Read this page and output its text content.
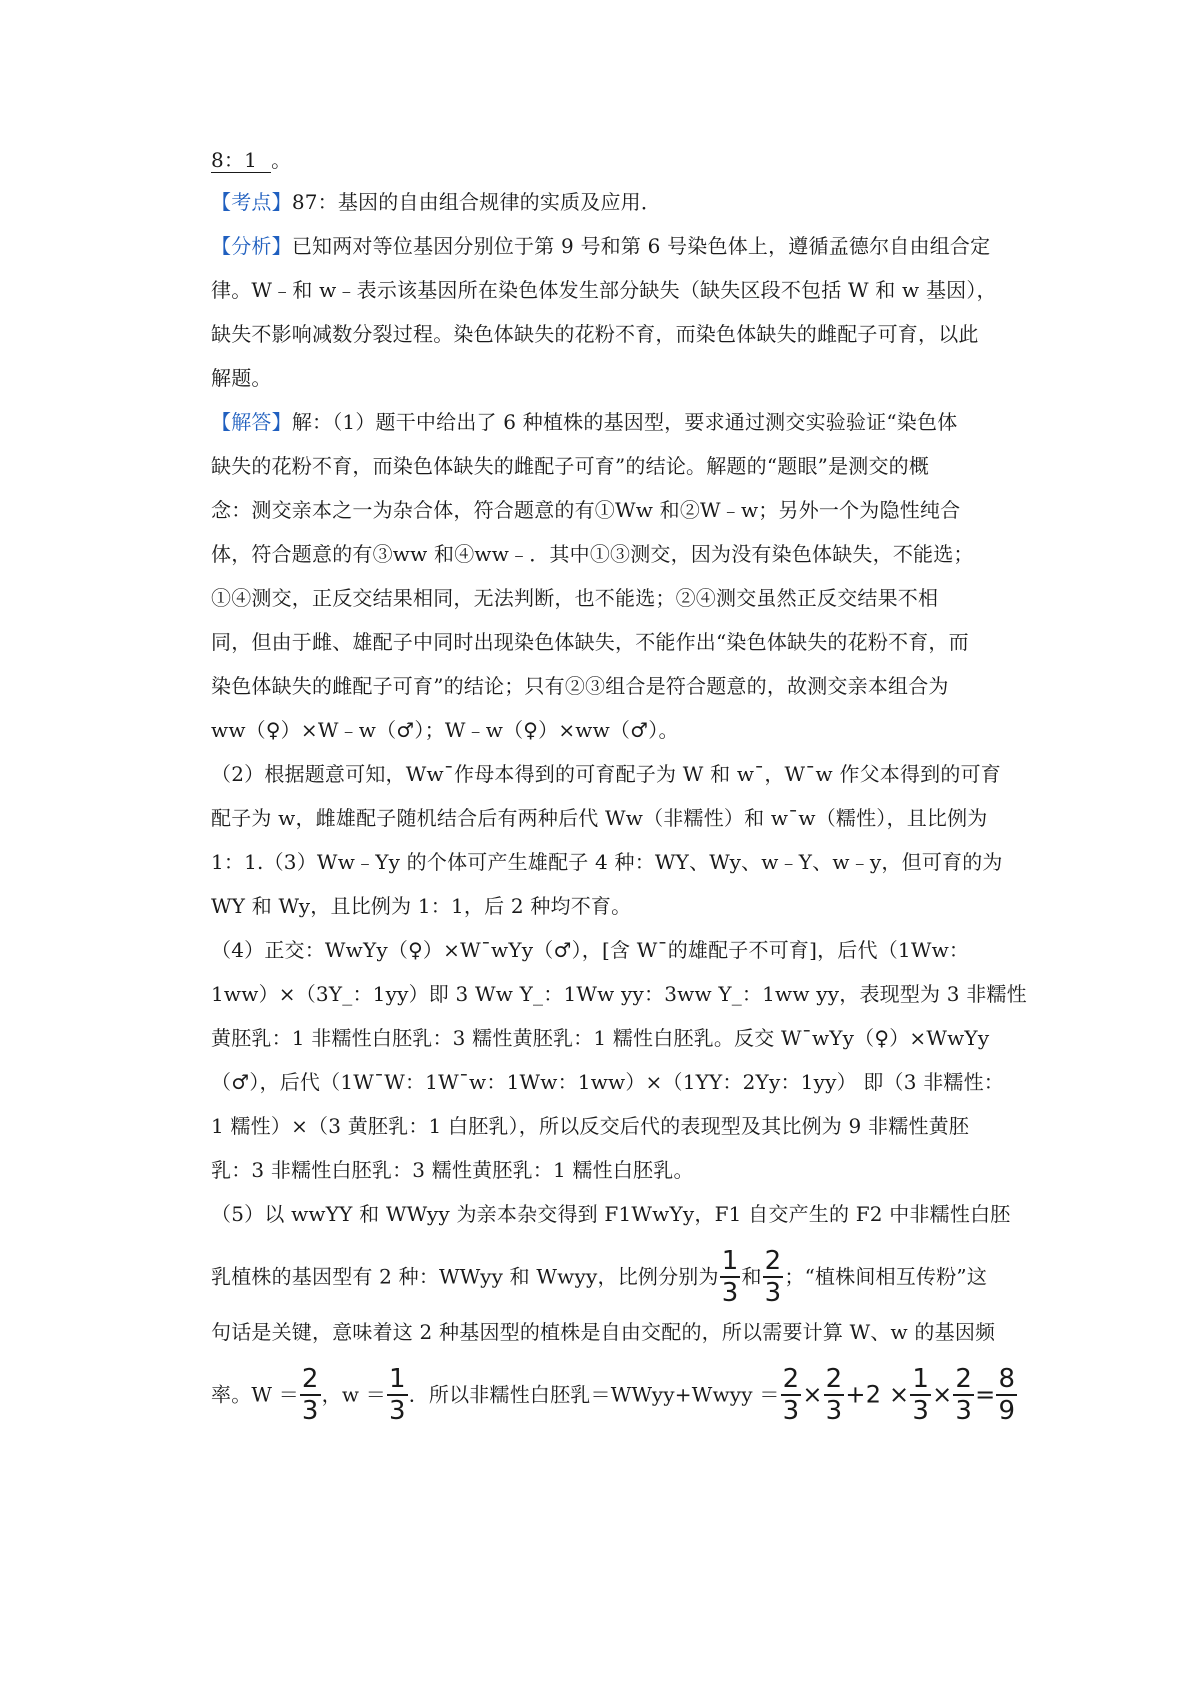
8：1 。
【考点】87：基因的自由组合规律的实质及应用．
【分析】已知两对等位基因分别位于第 9 号和第 6 号染色体上，遵循孟德尔自由组合定
律。W﹣和 w﹣表示该基因所在染色体发生部分缺失（缺失区段不包括 W 和 w 基因），
缺失不影响减数分裂过程。染色体缺失的花粉不育，而染色体缺失的雌配子可育，以此
解题。
【解答】解：（1）题干中给出了 6 种植株的基因型，要求通过测交实验验证“染色体
缺失的花粉不育，而染色体缺失的雌配子可育”的结论。解题的“题眼”是测交的概
念：测交亲本之一为杂合体，符合题意的有①Ww 和②W﹣w；另外一个为隐性纯合
体，符合题意的有③ww 和④ww﹣．其中①③测交，因为没有染色体缺失，不能选；
①④测交，正反交结果相同，无法判断，也不能选；②④测交虽然正反交结果不相
同，但由于雌、雄配子中同时出现染色体缺失，不能作出“染色体缺失的花粉不育，而
染色体缺失的雌配子可育”的结论；只有②③组合是符合题意的，故测交亲本组合为
ww（♀）×W﹣w（♂）；W﹣w（♀）×ww（♂）。
（2）根据题意可知，Ww¯作母本得到的可育配子为 W 和 w¯，W¯w 作父本得到的可育
配子为 w，雌雄配子随机结合后有两种后代 Ww（非糯性）和 w¯w（糯性），且比例为
1：1.（3）Ww﹣Yy 的个体可产生雄配子 4 种：WY、Wy、w﹣Y、w﹣y，但可育的为
WY 和 Wy，且比例为 1：1，后 2 种均不育。
（4）正交：WwYy（♀）×W¯wYy（♂），[含 W¯的雄配子不可育]，后代（1Ww：
1ww）×（3Y_：1yy）即 3 Ww Y_：1Ww yy：3ww Y_：1ww yy，表现型为 3 非糯性
黄胚乳：1 非糯性白胚乳：3 糯性黄胚乳：1 糯性白胚乳。反交 W¯wYy（♀）×WwYy
（♂），后代（1W¯W：1W¯w：1Ww：1ww）×（1YY：2Yy：1yy） 即（3 非糯性：
1 糯性）×（3 黄胚乳：1 白胚乳），所以反交后代的表现型及其比例为 9 非糯性黄胚
乳：3 非糯性白胚乳：3 糯性黄胚乳：1 糯性白胚乳。
（5）以 wwYY 和 WWyy 为亲本杂交得到 F1WwYy，F1 自交产生的 F2 中非糯性白胚
乳植株的基因型有 2 种：WWyy 和 Wwyy，比例分别为 $\frac{1}{3}$ 和 $\frac{2}{3}$ ；“植株间相互传粉”这
句话是关键，意味着这 2 种基因型的植株是自由交配的，所以需要计算 W、w 的基因频
率。$W = \frac{2}{3}$ ，$w = \frac{1}{3}$ ．所以非糯性白胚乳＝WWyy+Wwyy ＝ $\frac{2}{3} \times \frac{2}{3} +2 \times \frac{1}{3} \times \frac{2}{3} = \frac{8}{9}$
